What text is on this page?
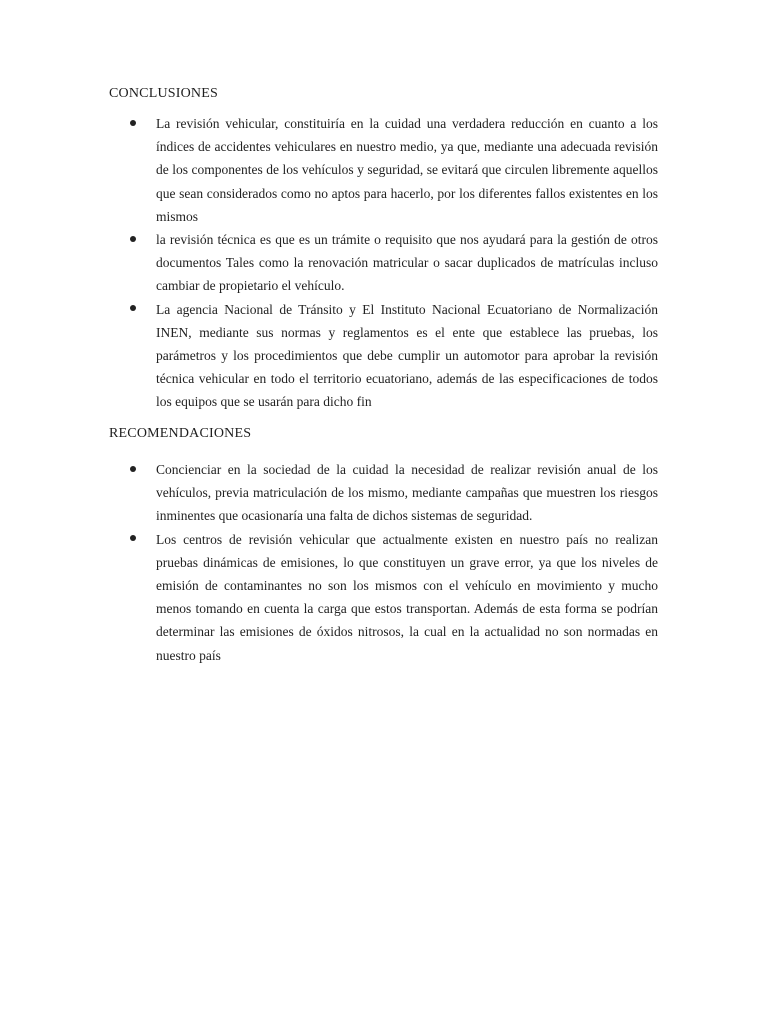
CONCLUSIONES
La revisión vehicular, constituiría en la cuidad una verdadera reducción en cuanto a los índices de accidentes vehiculares en nuestro medio, ya que, mediante una adecuada revisión de los componentes de los vehículos y seguridad, se evitará que circulen libremente aquellos que sean considerados como no aptos para hacerlo, por los diferentes fallos existentes en los mismos
la revisión técnica es que es un trámite o requisito que nos ayudará para la gestión de otros documentos Tales como la renovación matricular o sacar duplicados de matrículas incluso cambiar de propietario el vehículo.
La agencia Nacional de Tránsito y El Instituto Nacional Ecuatoriano de Normalización INEN, mediante sus normas y reglamentos es el ente que establece las pruebas, los parámetros y los procedimientos que debe cumplir un automotor para aprobar la revisión técnica vehicular en todo el territorio ecuatoriano, además de las especificaciones de todos los equipos que se usarán para dicho fin
RECOMENDACIONES
Concienciar en la sociedad de la cuidad la necesidad de realizar revisión anual de los vehículos, previa matriculación de los mismo, mediante campañas que muestren los riesgos inminentes que ocasionaría una falta de dichos sistemas de seguridad.
Los centros de revisión vehicular que actualmente existen en nuestro país no realizan pruebas dinámicas de emisiones, lo que constituyen un grave error, ya que los niveles de emisión de contaminantes no son los mismos con el vehículo en movimiento y mucho menos tomando en cuenta la carga que estos transportan. Además de esta forma se podrían determinar las emisiones de óxidos nitrosos, la cual en la actualidad no son normadas en nuestro país
